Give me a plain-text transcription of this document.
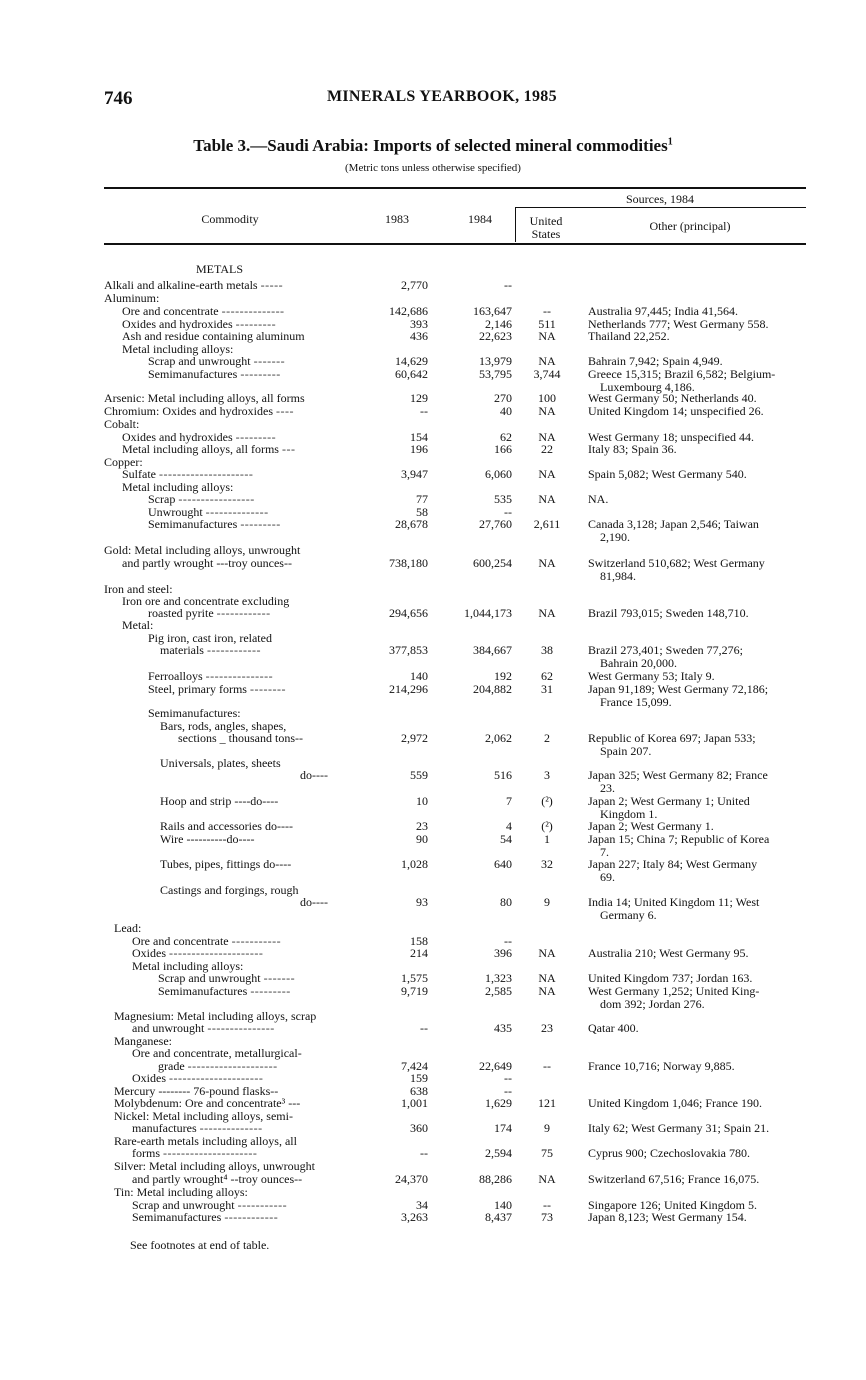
746	MINERALS YEARBOOK, 1985
Table 3.—Saudi Arabia: Imports of selected mineral commodities$^1$
(Metric tons unless otherwise specified)
Commodity	1983	1984
Sources, 1984
United
States
Other (principal)
METALS
Alkali and alkaline-earth metals -----	2,770	--
Aluminum:
Ore and concentrate --------------	142,686	163,647	--	Australia 97,445; India 41,564.
Oxides and hydroxides ---------	393	2,146	511	Netherlands 777; West Germany 558.
Ash and residue containing aluminum	436	22,623	NA	Thailand 22,252.
Metal including alloys:
Scrap and unwrought -------	14,629	13,979	NA	Bahrain 7,942; Spain 4,949.
Semimanufactures ---------	60,642	53,795	3,744	Greece 15,315; Brazil 6,582; Belgium-
Luxembourg 4,186.
Arsenic: Metal including alloys, all forms	129	270	100	West Germany 50; Netherlands 40.
Chromium: Oxides and hydroxides ----	--	40	NA	United Kingdom 14; unspecified 26.
Cobalt:
Oxides and hydroxides ---------	154	62	NA	West Germany 18; unspecified 44.
Metal including alloys, all forms ---	196	166	22	Italy 83; Spain 36.
Copper:
Sulfate ---------------------	3,947	6,060	NA	Spain 5,082; West Germany 540.
Metal including alloys:
Scrap -----------------	77	535	NA	NA.
Unwrought --------------	58	--
Semimanufactures ---------	28,678	27,760	2,611	Canada 3,128; Japan 2,546; Taiwan
2,190.
Gold: Metal including alloys, unwrought
and partly wrought ---troy ounces--	738,180	600,254	NA	Switzerland 510,682; West Germany
81,984.
Iron and steel:
Iron ore and concentrate excluding
roasted pyrite ------------	294,656	1,044,173	NA	Brazil 793,015; Sweden 148,710.
Metal:
Pig iron, cast iron, related
materials ------------	377,853	384,667	38	Brazil 273,401; Sweden 77,276;
Bahrain 20,000.
Ferroalloys ---------------	140	192	62	West Germany 53; Italy 9.
Steel, primary forms --------	214,296	204,882	31	Japan 91,189; West Germany 72,186;
France 15,099.
Semimanufactures:
Bars, rods, angles, shapes,
sections _ thousand tons--	2,972	2,062	2	Republic of Korea 697; Japan 533;
Spain 207.
Universals, plates, sheets
do----	559	516	3	Japan 325; West Germany 82; France
23.
Hoop and strip ----do----	10	7	(²)	Japan 2; West Germany 1; United
Kingdom 1.
Rails and accessories do----	23	4	(²)	Japan 2; West Germany 1.
Wire ----------do----	90	54	1	Japan 15; China 7; Republic of Korea
7.
Tubes, pipes, fittings do----	1,028	640	32	Japan 227; Italy 84; West Germany
69.
Castings and forgings, rough
do----	93	80	9	India 14; United Kingdom 11; West
Germany 6.
Lead:
Ore and concentrate -----------	158	--
Oxides ---------------------	214	396	NA	Australia 210; West Germany 95.
Metal including alloys:
Scrap and unwrought -------	1,575	1,323	NA	United Kingdom 737; Jordan 163.
Semimanufactures ---------	9,719	2,585	NA	West Germany 1,252; United King-
dom 392; Jordan 276.
Magnesium: Metal including alloys, scrap
and unwrought ---------------	--	435	23	Qatar 400.
Manganese:
Ore and concentrate, metallurgical-
grade --------------------	7,424	22,649	--	France 10,716; Norway 9,885.
Oxides ---------------------	159	--
Mercury -------- 76-pound flasks--	638	--
Molybdenum: Ore and concentrate³ ---	1,001	1,629	121	United Kingdom 1,046; France 190.
Nickel: Metal including alloys, semi-
manufactures --------------	360	174	9	Italy 62; West Germany 31; Spain 21.
Rare-earth metals including alloys, all
forms ---------------------	--	2,594	75	Cyprus 900; Czechoslovakia 780.
Silver: Metal including alloys, unwrought
and partly wrought⁴ --troy ounces--	24,370	88,286	NA	Switzerland 67,516; France 16,075.
Tin: Metal including alloys:
Scrap and unwrought -----------	34	140	--	Singapore 126; United Kingdom 5.
Semimanufactures ------------	3,263	8,437	73	Japan 8,123; West Germany 154.
See footnotes at end of table.
